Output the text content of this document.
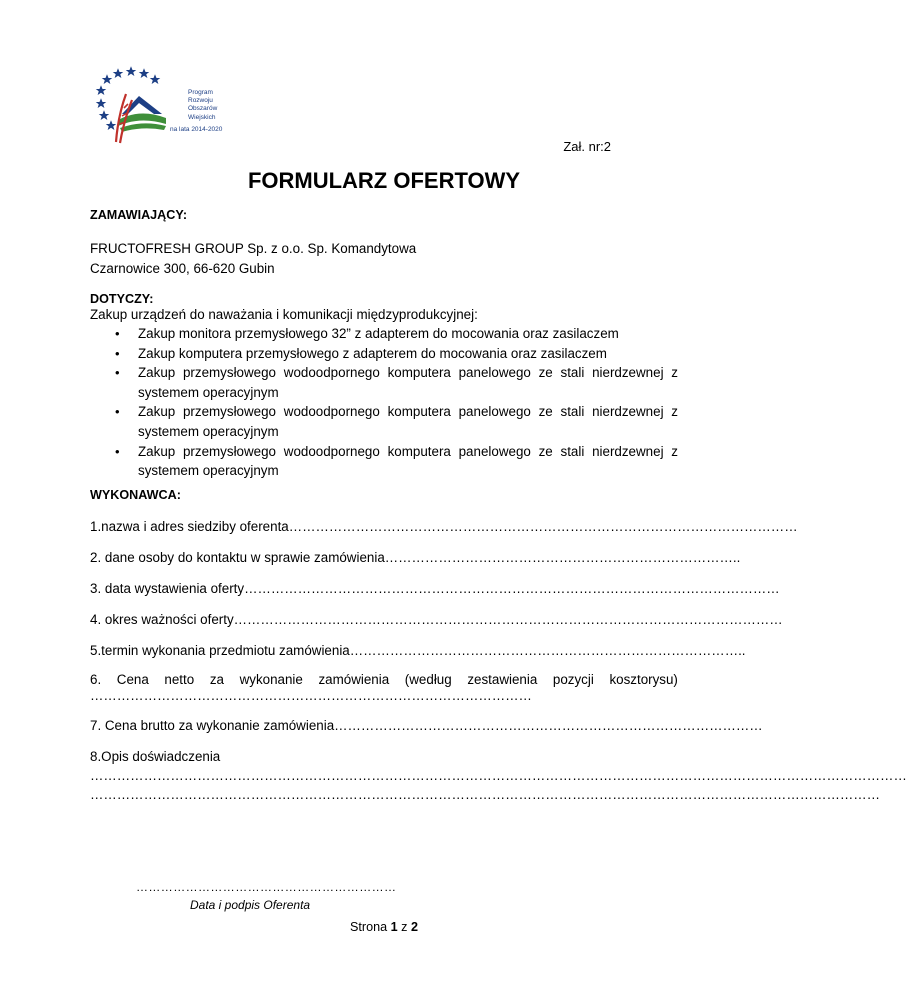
Program
Rozwoju
Obszarów
Wiejskich
na lata 2014-2020
Zał. nr:2
FORMULARZ OFERTOWY
ZAMAWIAJĄCY:
FRUCTOFRESH GROUP Sp. z o.o. Sp. Komandytowa
Czarnowice 300, 66-620 Gubin
DOTYCZY:
Zakup urządzeń do naważania i komunikacji międzyprodukcyjnej:
• Zakup monitora przemysłowego 32” z adapterem do mocowania oraz zasilaczem
• Zakup komputera przemysłowego z adapterem do mocowania oraz zasilaczem
• Zakup przemysłowego wodoodpornego komputera panelowego ze stali nierdzewnej z systemem operacyjnym
• Zakup przemysłowego wodoodpornego komputera panelowego ze stali nierdzewnej z systemem operacyjnym
• Zakup przemysłowego wodoodpornego komputera panelowego ze stali nierdzewnej z systemem operacyjnym
WYKONAWCA:
1.nazwa i adres siedziby oferenta……………………………………………………………………………………………………
2. dane osoby do kontaktu w sprawie zamówienia……………………………………………………………………..
3. data wystawienia oferty…………………………………………………………………………………………………………
4. okres ważności oferty……………………………………………………………………………………………………………
5.termin wykonania przedmiotu zamówienia……………………………………………………………………………..
6. Cena netto za wykonanie zamówienia (według zestawienia pozycji kosztorysu)
………………………………………………………………………………………
7. Cena brutto za wykonanie zamówienia……………………………………………………………………………………
8.Opis doświadczenia
…………………………………………………………………………………………………………………………………………………………………
……………………………………………………………………………………………………………………………………………………………
………………………………………………………
Data i podpis Oferenta
Strona 1 z 2
